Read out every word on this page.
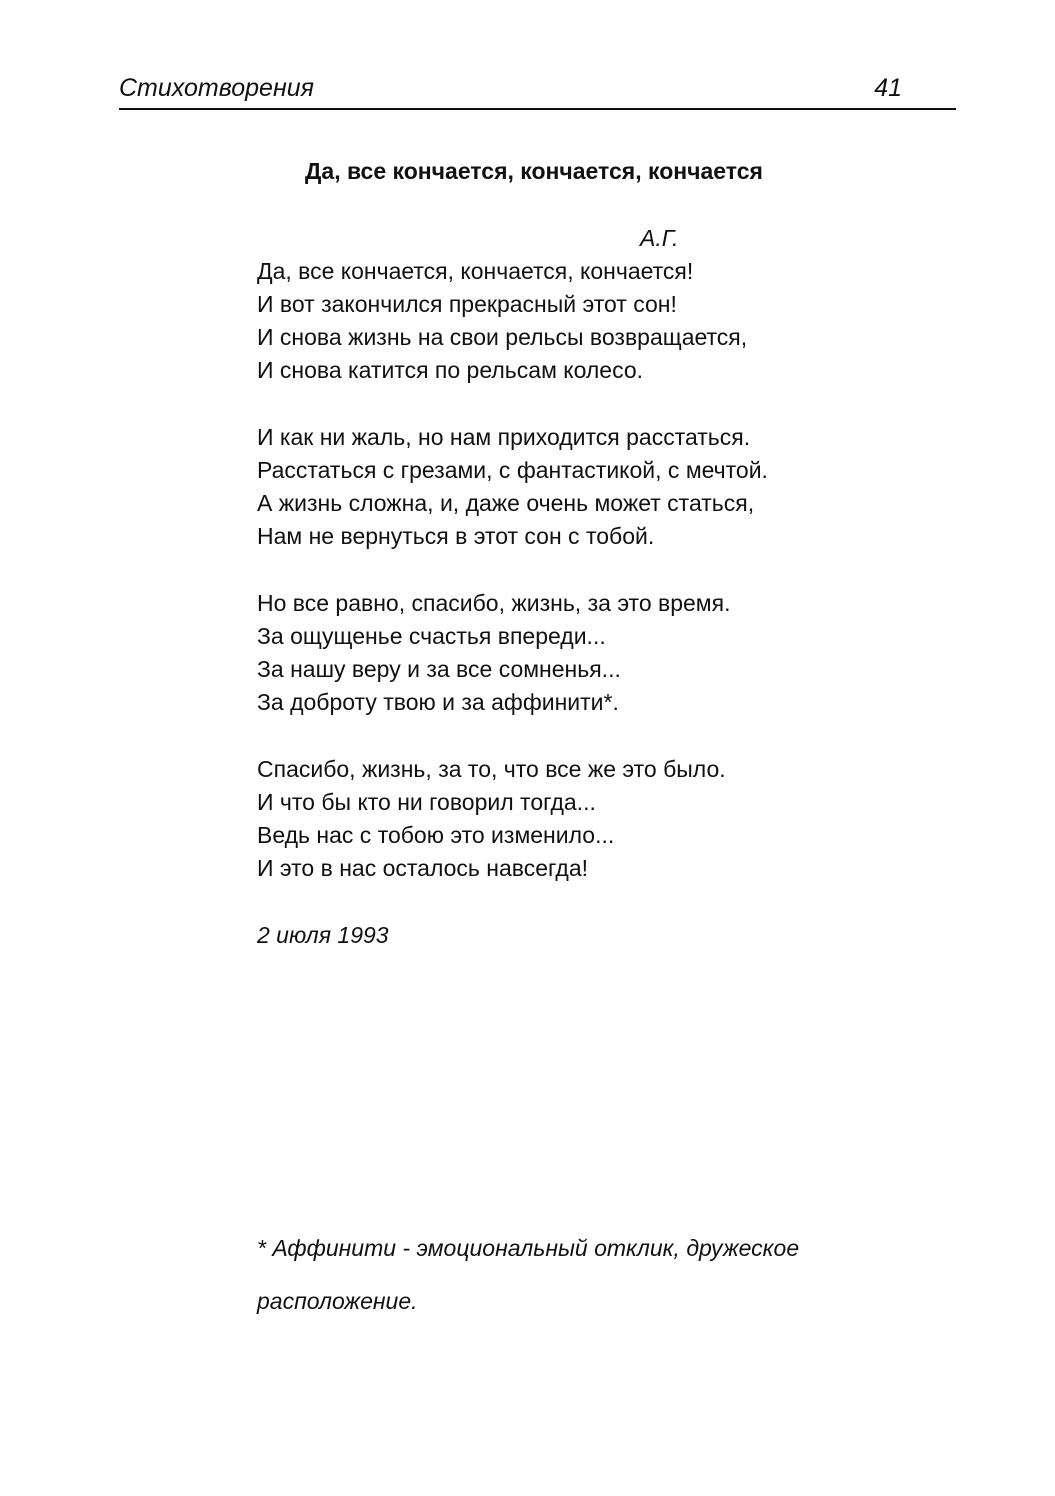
Стихотворения	41
Да, все кончается, кончается, кончается
А.Г.
Да, все кончается, кончается, кончается!
И вот закончился прекрасный этот сон!
И снова жизнь на свои рельсы возвращается,
И снова катится по рельсам колесо.
И как ни жаль, но нам приходится расстаться.
Расстаться с грезами, с фантастикой, с мечтой.
А жизнь сложна, и, даже очень может статься,
Нам не вернуться в этот сон с тобой.
Но все равно, спасибо, жизнь, за это время.
За ощущенье счастья впереди...
За нашу веру и за все сомненья...
За доброту твою и за аффинити*.
Спасибо, жизнь, за то, что все же это было.
И что бы кто ни говорил тогда...
Ведь нас с тобою это изменило...
И это в нас осталось навсегда!
2 июля 1993
* Аффинити - эмоциональный отклик, дружеское
расположение.
